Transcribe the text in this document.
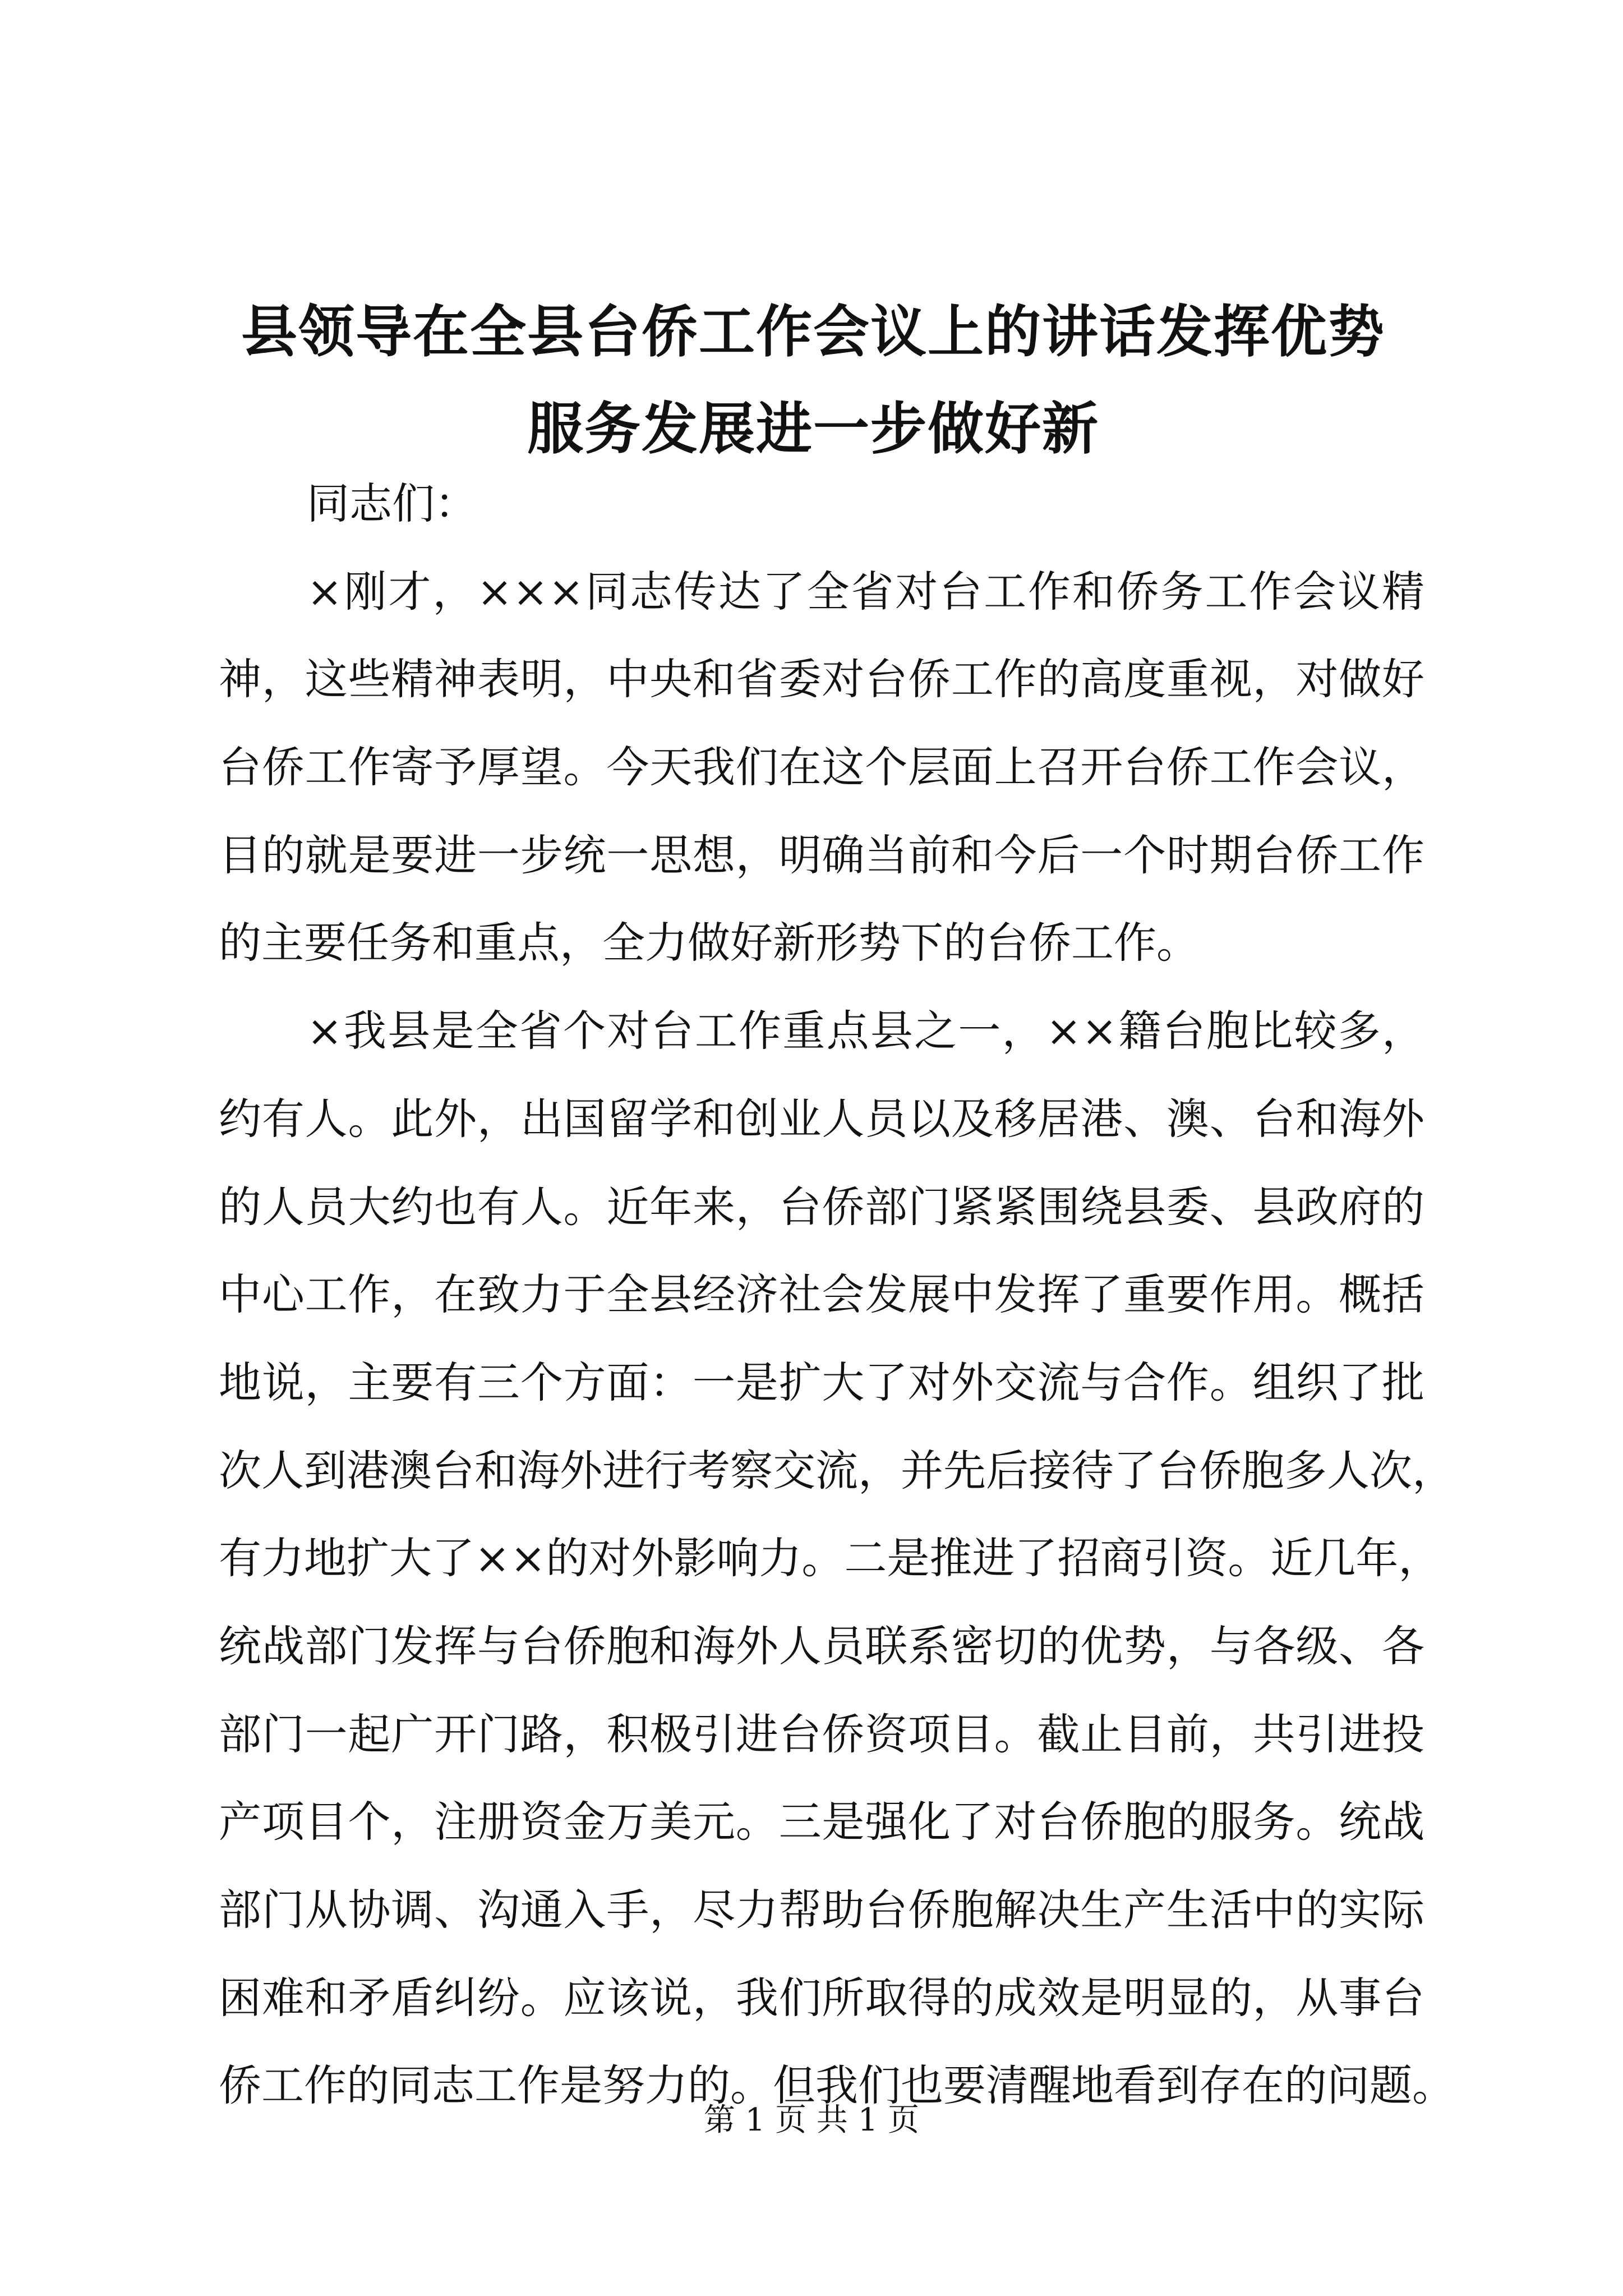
县领导在全县台侨工作会议上的讲话发挥优势
服务发展进一步做好新
同志们：
×刚才，×××同志传达了全省对台工作和侨务工作会议精
神，这些精神表明，中央和省委对台侨工作的高度重视，对做好
台侨工作寄予厚望。今天我们在这个层面上召开台侨工作会议，
目的就是要进一步统一思想，明确当前和今后一个时期台侨工作
的主要任务和重点，全力做好新形势下的台侨工作。
×我县是全省个对台工作重点县之一，××籍台胞比较多，
约有人。此外，出国留学和创业人员以及移居港、澳、台和海外
的人员大约也有人。近年来，台侨部门紧紧围绕县委、县政府的
中心工作，在致力于全县经济社会发展中发挥了重要作用。概括
地说，主要有三个方面：一是扩大了对外交流与合作。组织了批
次人到港澳台和海外进行考察交流，并先后接待了台侨胞多人次，
有力地扩大了××的对外影响力。二是推进了招商引资。近几年，
统战部门发挥与台侨胞和海外人员联系密切的优势，与各级、各
部门一起广开门路，积极引进台侨资项目。截止目前，共引进投
产项目个，注册资金万美元。三是强化了对台侨胞的服务。统战
部门从协调、沟通入手，尽力帮助台侨胞解决生产生活中的实际
困难和矛盾纠纷。应该说，我们所取得的成效是明显的，从事台
侨工作的同志工作是努力的。但我们也要清醒地看到存在的问题。
第 1 页 共 1 页
